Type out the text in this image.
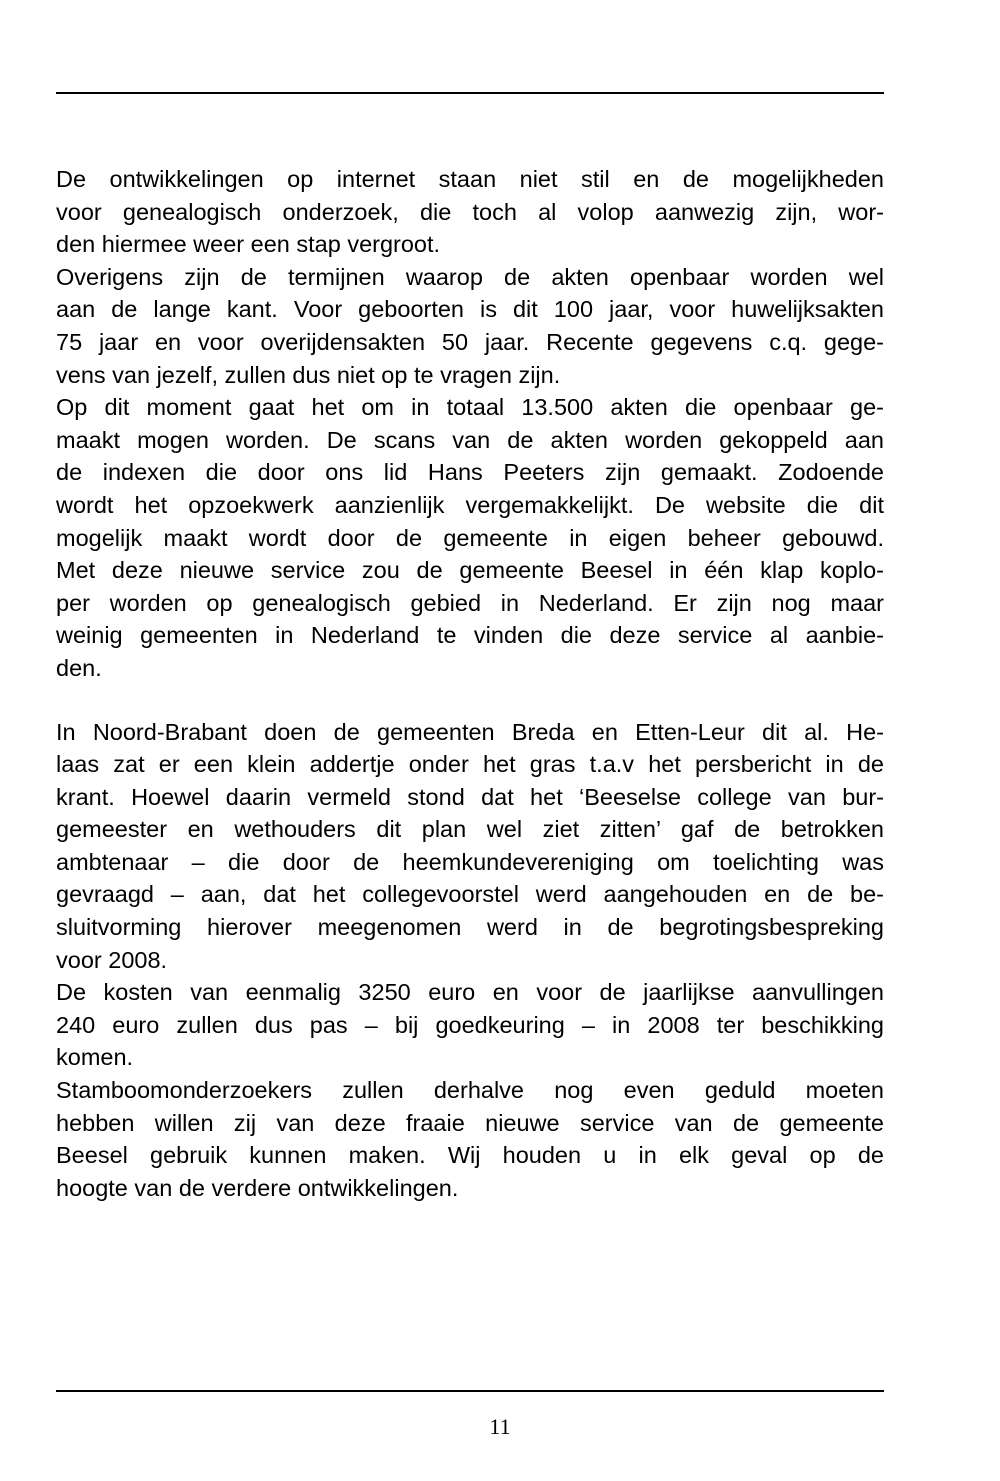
De ontwikkelingen op internet staan niet stil en de mogelijkheden
voor genealogisch onderzoek, die toch al volop aanwezig zijn, wor-
den hiermee weer een stap vergroot.
Overigens zijn de termijnen waarop de akten openbaar worden wel
aan de lange kant. Voor geboorten is dit 100 jaar, voor huwelijksakten
75 jaar en voor overijdensakten 50 jaar. Recente gegevens c.q. gege-
vens van jezelf, zullen dus niet op te vragen zijn.
Op dit moment gaat het om in totaal 13.500 akten die openbaar ge-
maakt mogen worden. De scans van de akten worden gekoppeld aan
de indexen die door ons lid Hans Peeters zijn gemaakt. Zodoende
wordt het opzoekwerk aanzienlijk vergemakkelijkt. De website die dit
mogelijk maakt wordt door de gemeente in eigen beheer gebouwd.
Met deze nieuwe service zou de gemeente Beesel in één klap koplo-
per worden op genealogisch gebied in Nederland. Er zijn nog maar
weinig gemeenten in Nederland te vinden die deze service al aanbie-
den.
In Noord-Brabant doen de gemeenten Breda en Etten-Leur dit al. He-
laas zat er een klein addertje onder het gras t.a.v het persbericht in de
krant. Hoewel daarin vermeld stond dat het ‘Beeselse college van bur-
gemeester en wethouders dit plan wel ziet zitten’ gaf de betrokken
ambtenaar – die door de heemkundevereniging om toelichting was
gevraagd – aan, dat het collegevoorstel werd aangehouden en de be-
sluitvorming hierover meegenomen werd in de begrotingsbespreking
voor 2008.
De kosten van eenmalig 3250 euro en voor de jaarlijkse aanvullingen
240 euro zullen dus pas – bij goedkeuring – in 2008 ter beschikking
komen.
Stamboomonderzoekers zullen derhalve nog even geduld moeten
hebben willen zij van deze fraaie nieuwe service van de gemeente
Beesel gebruik kunnen maken. Wij houden u in elk geval op de
hoogte van de verdere ontwikkelingen.
11
